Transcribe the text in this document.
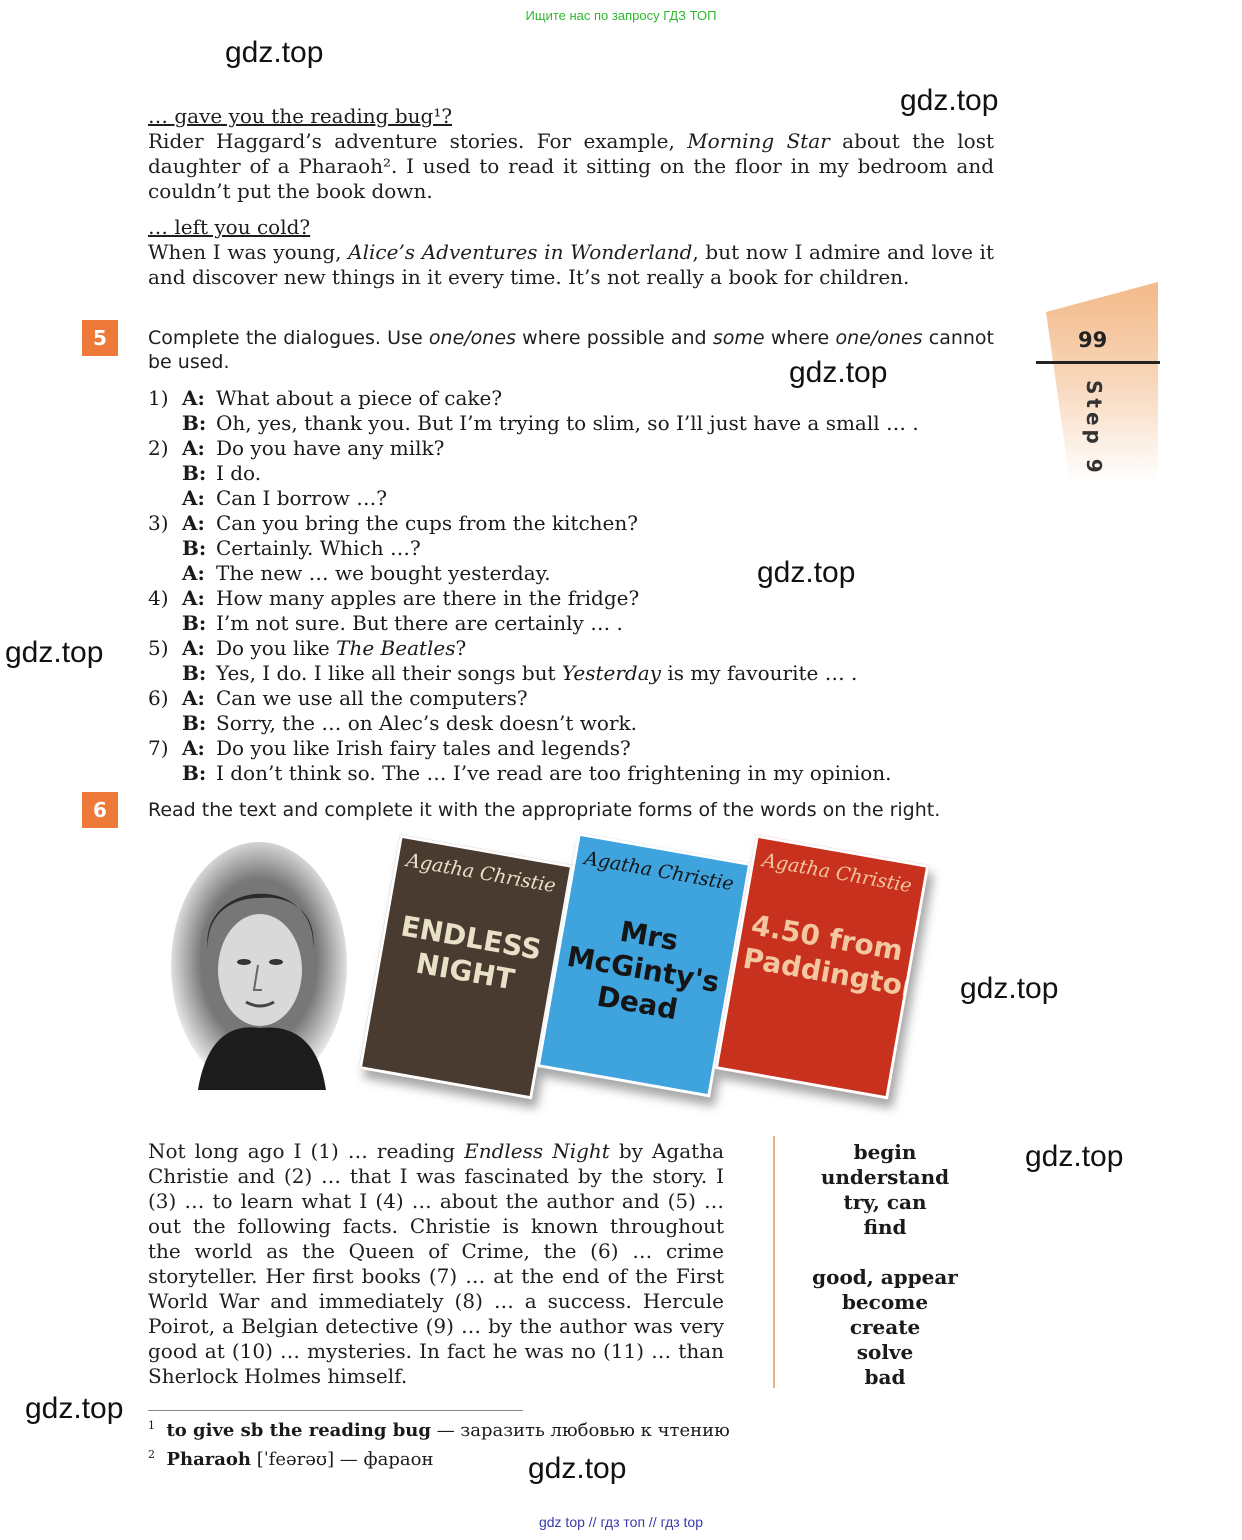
Ищите нас по запросу ГДЗ ТОП
gdz.top
gdz.top
gdz.top
gdz.top
gdz.top
gdz.top
gdz.top
gdz.top
gdz.top
… gave you the reading bug¹?
Rider Haggard’s adventure stories. For example, Morning Star about the lost daughter of a Pharaoh². I used to read it sitting on the floor in my bedroom and couldn’t put the book down.
… left you cold?
When I was young, Alice’s Adventures in Wonderland, but now I admire and love it and discover new things in it every time. It’s not really a book for children.
99
Step 9
5	Complete the dialogues. Use one/ones where possible and some where one/ones cannot be used.
1) A: What about a piece of cake?
B: Oh, yes, thank you. But I’m trying to slim, so I’ll just have a small … .
2) A: Do you have any milk?
B: I do.
A: Can I borrow …?
3) A: Can you bring the cups from the kitchen?
B: Certainly. Which …?
A: The new … we bought yesterday.
4) A: How many apples are there in the fridge?
B: I’m not sure. But there are certainly … .
5) A: Do you like The Beatles?
B: Yes, I do. I like all their songs but Yesterday is my favourite … .
6) A: Can we use all the computers?
B: Sorry, the … on Alec’s desk doesn’t work.
7) A: Do you like Irish fairy tales and legends?
B: I don’t think so. The … I’ve read are too frightening in my opinion.
6	Read the text and complete it with the appropriate forms of the words on the right.
Agatha Christie
ENDLESS NIGHT
Agatha Christie
Mrs McGinty's Dead
Agatha Christie
4.50 from Paddington
Not long ago I (1) … reading Endless Night by Agatha Christie and (2) … that I was fascinated by the story. I (3) … to learn what I (4) … about the author and (5) … out the following facts. Christie is known throughout the world as the Queen of Crime, the (6) … crime storyteller. Her first books (7) … at the end of the First World War and immediately (8) … a success. Hercule Poirot, a Belgian detective (9) … by the author was very good at (10) … mysteries. In fact he was no (11) … than Sherlock Holmes himself.
begin
understand
try, can
find
good, appear
become
create
solve
bad
$^1$ to give sb the reading bug — заразить любовью к чтению
$^2$ Pharaoh [ˈfeərəʊ] — фараон
gdz top // гдз топ // гдз top
